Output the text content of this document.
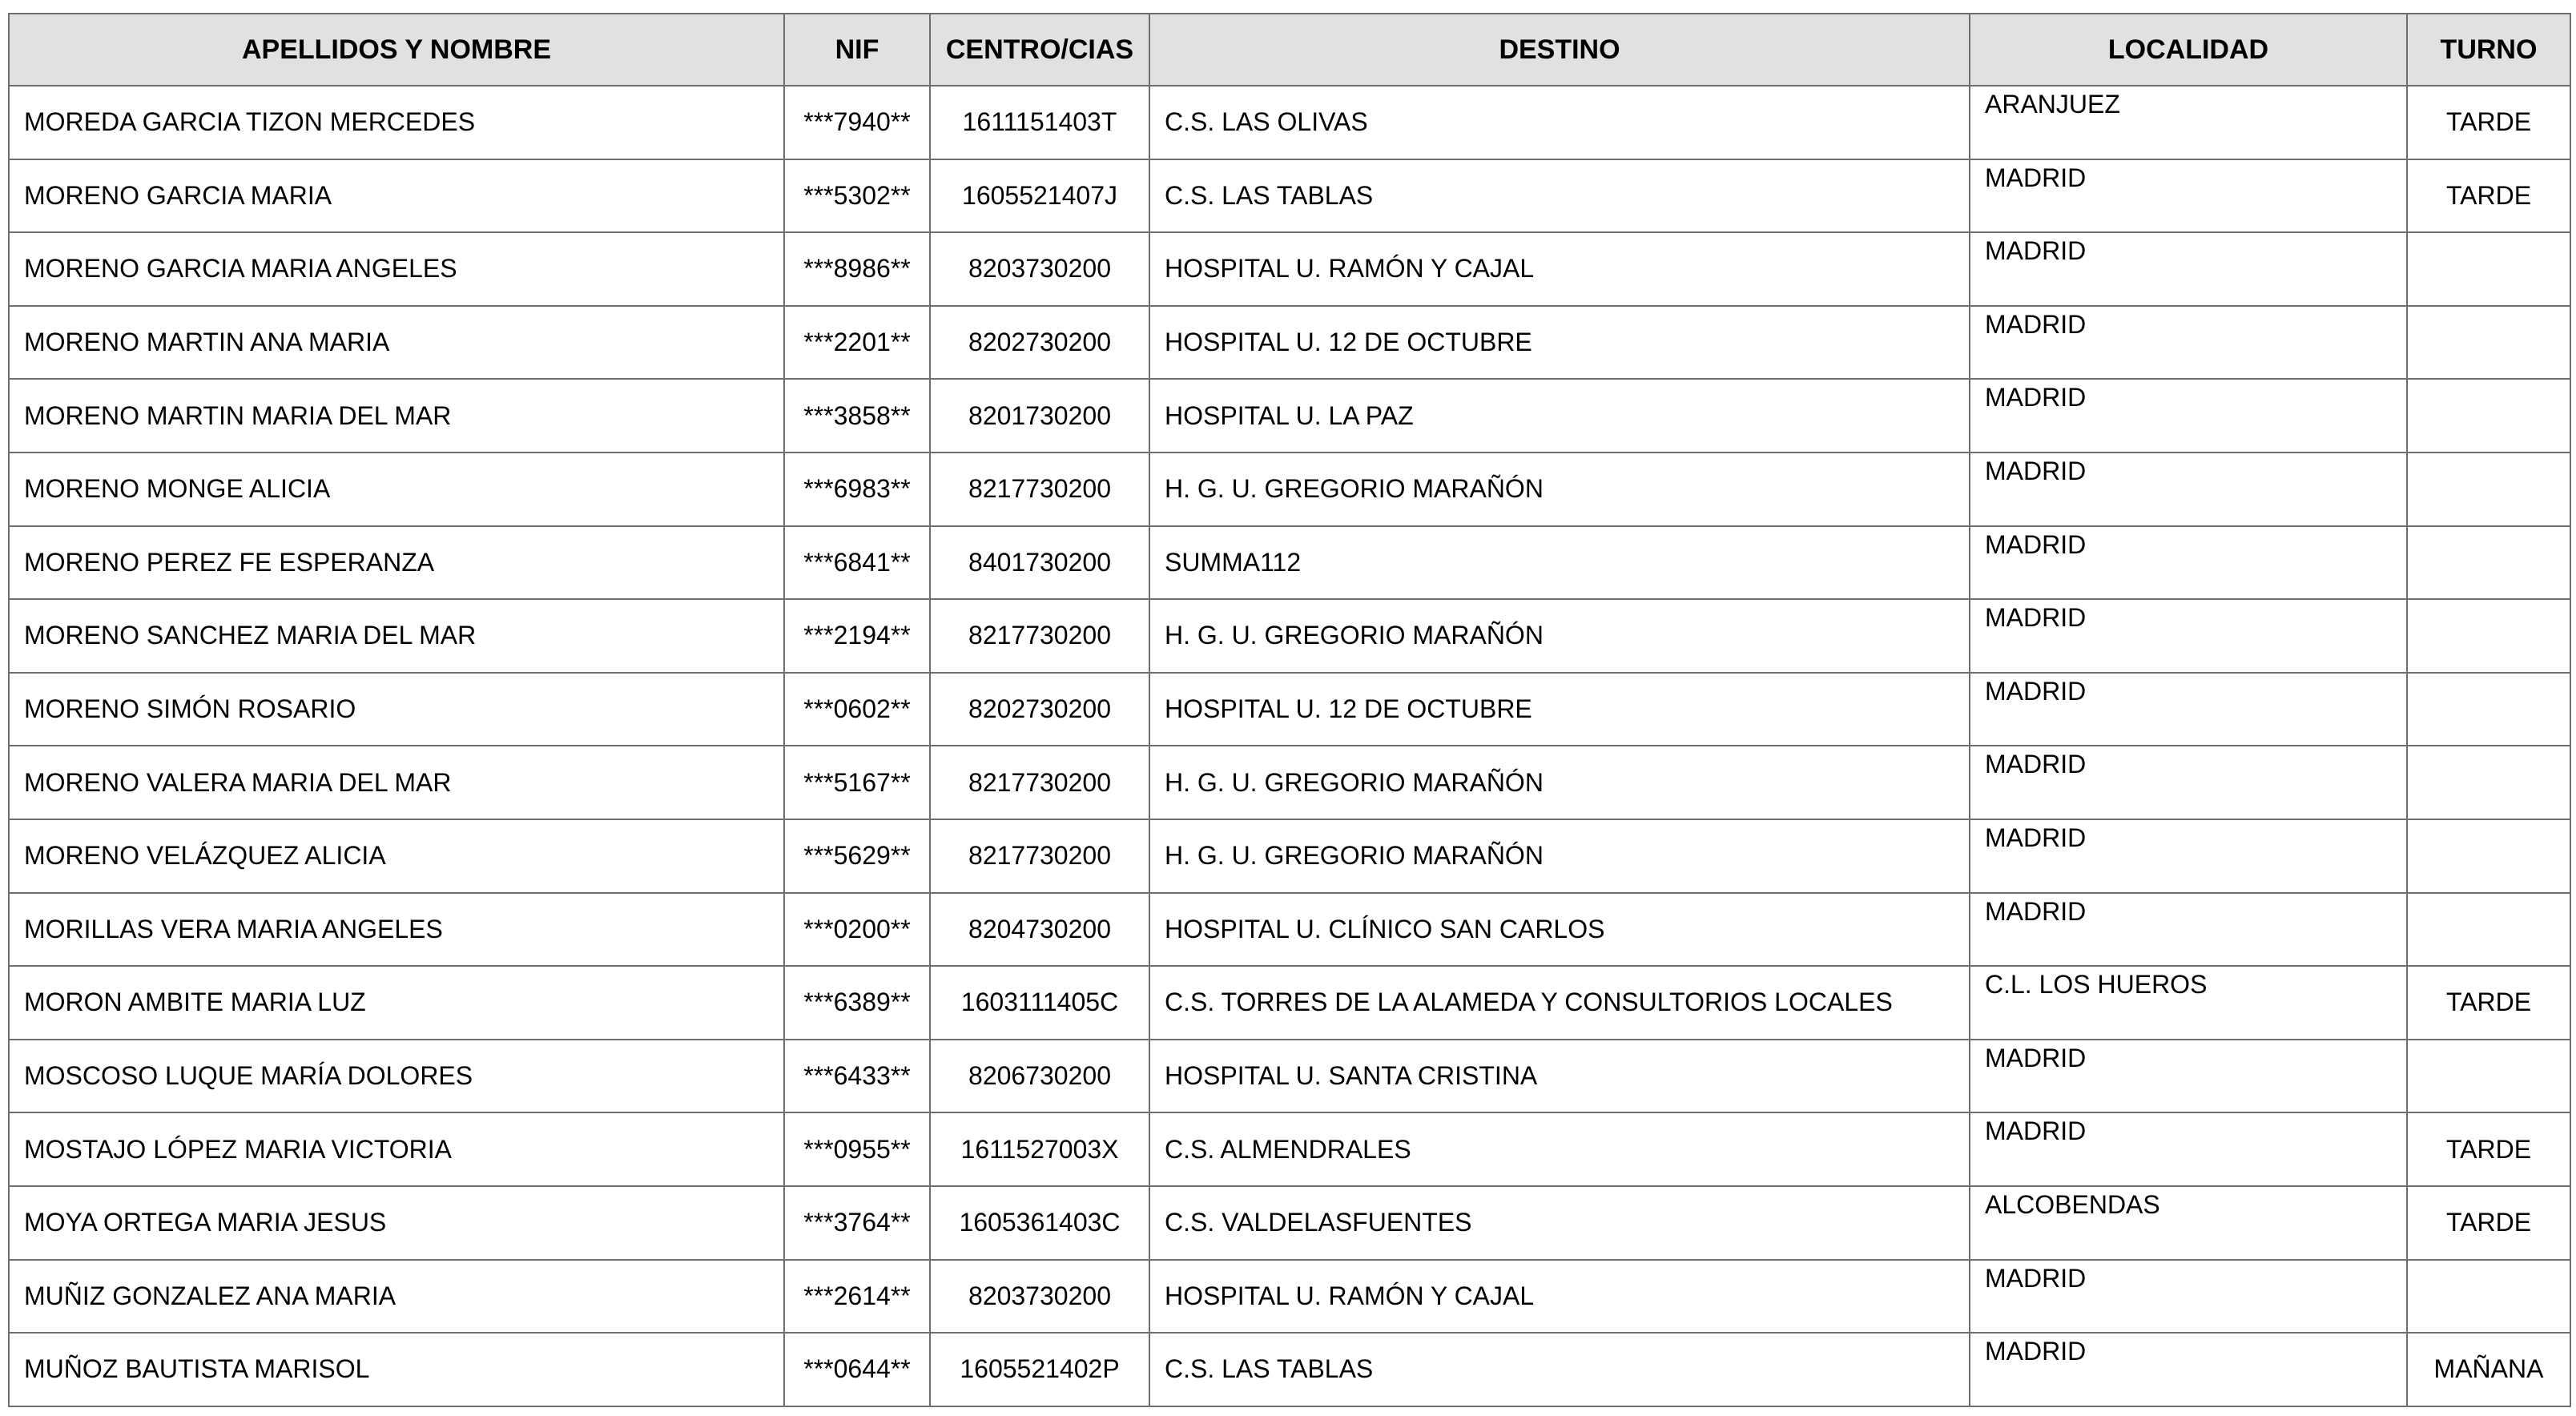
APELLIDOS Y NOMBRE	NIF	CENTRO/CIAS	DESTINO	LOCALIDAD	TURNO
MOREDA GARCIA TIZON MERCEDES	***7940**	1611151403T	C.S. LAS OLIVAS	ARANJUEZ	TARDE
MORENO GARCIA MARIA	***5302**	1605521407J	C.S. LAS TABLAS	MADRID	TARDE
MORENO GARCIA MARIA ANGELES	***8986**	8203730200	HOSPITAL U. RAMÓN Y CAJAL	MADRID	
MORENO MARTIN ANA MARIA	***2201**	8202730200	HOSPITAL U. 12 DE OCTUBRE	MADRID	
MORENO MARTIN MARIA DEL MAR	***3858**	8201730200	HOSPITAL U. LA PAZ	MADRID	
MORENO MONGE ALICIA	***6983**	8217730200	H. G. U. GREGORIO MARAÑÓN	MADRID	
MORENO PEREZ FE ESPERANZA	***6841**	8401730200	SUMMA112	MADRID	
MORENO SANCHEZ MARIA DEL MAR	***2194**	8217730200	H. G. U. GREGORIO MARAÑÓN	MADRID	
MORENO SIMÓN ROSARIO	***0602**	8202730200	HOSPITAL U. 12 DE OCTUBRE	MADRID	
MORENO VALERA MARIA DEL MAR	***5167**	8217730200	H. G. U. GREGORIO MARAÑÓN	MADRID	
MORENO VELÁZQUEZ ALICIA	***5629**	8217730200	H. G. U. GREGORIO MARAÑÓN	MADRID	
MORILLAS VERA MARIA ANGELES	***0200**	8204730200	HOSPITAL U. CLÍNICO SAN CARLOS	MADRID	
MORON AMBITE MARIA LUZ	***6389**	1603111405C	C.S. TORRES DE LA ALAMEDA Y CONSULTORIOS LOCALES	C.L. LOS HUEROS	TARDE
MOSCOSO LUQUE MARÍA DOLORES	***6433**	8206730200	HOSPITAL U. SANTA CRISTINA	MADRID	
MOSTAJO LÓPEZ MARIA VICTORIA	***0955**	1611527003X	C.S. ALMENDRALES	MADRID	TARDE
MOYA ORTEGA MARIA JESUS	***3764**	1605361403C	C.S. VALDELASFUENTES	ALCOBENDAS	TARDE
MUÑIZ GONZALEZ ANA MARIA	***2614**	8203730200	HOSPITAL U. RAMÓN Y CAJAL	MADRID	
MUÑOZ BAUTISTA MARISOL	***0644**	1605521402P	C.S. LAS TABLAS	MADRID	MAÑANA
